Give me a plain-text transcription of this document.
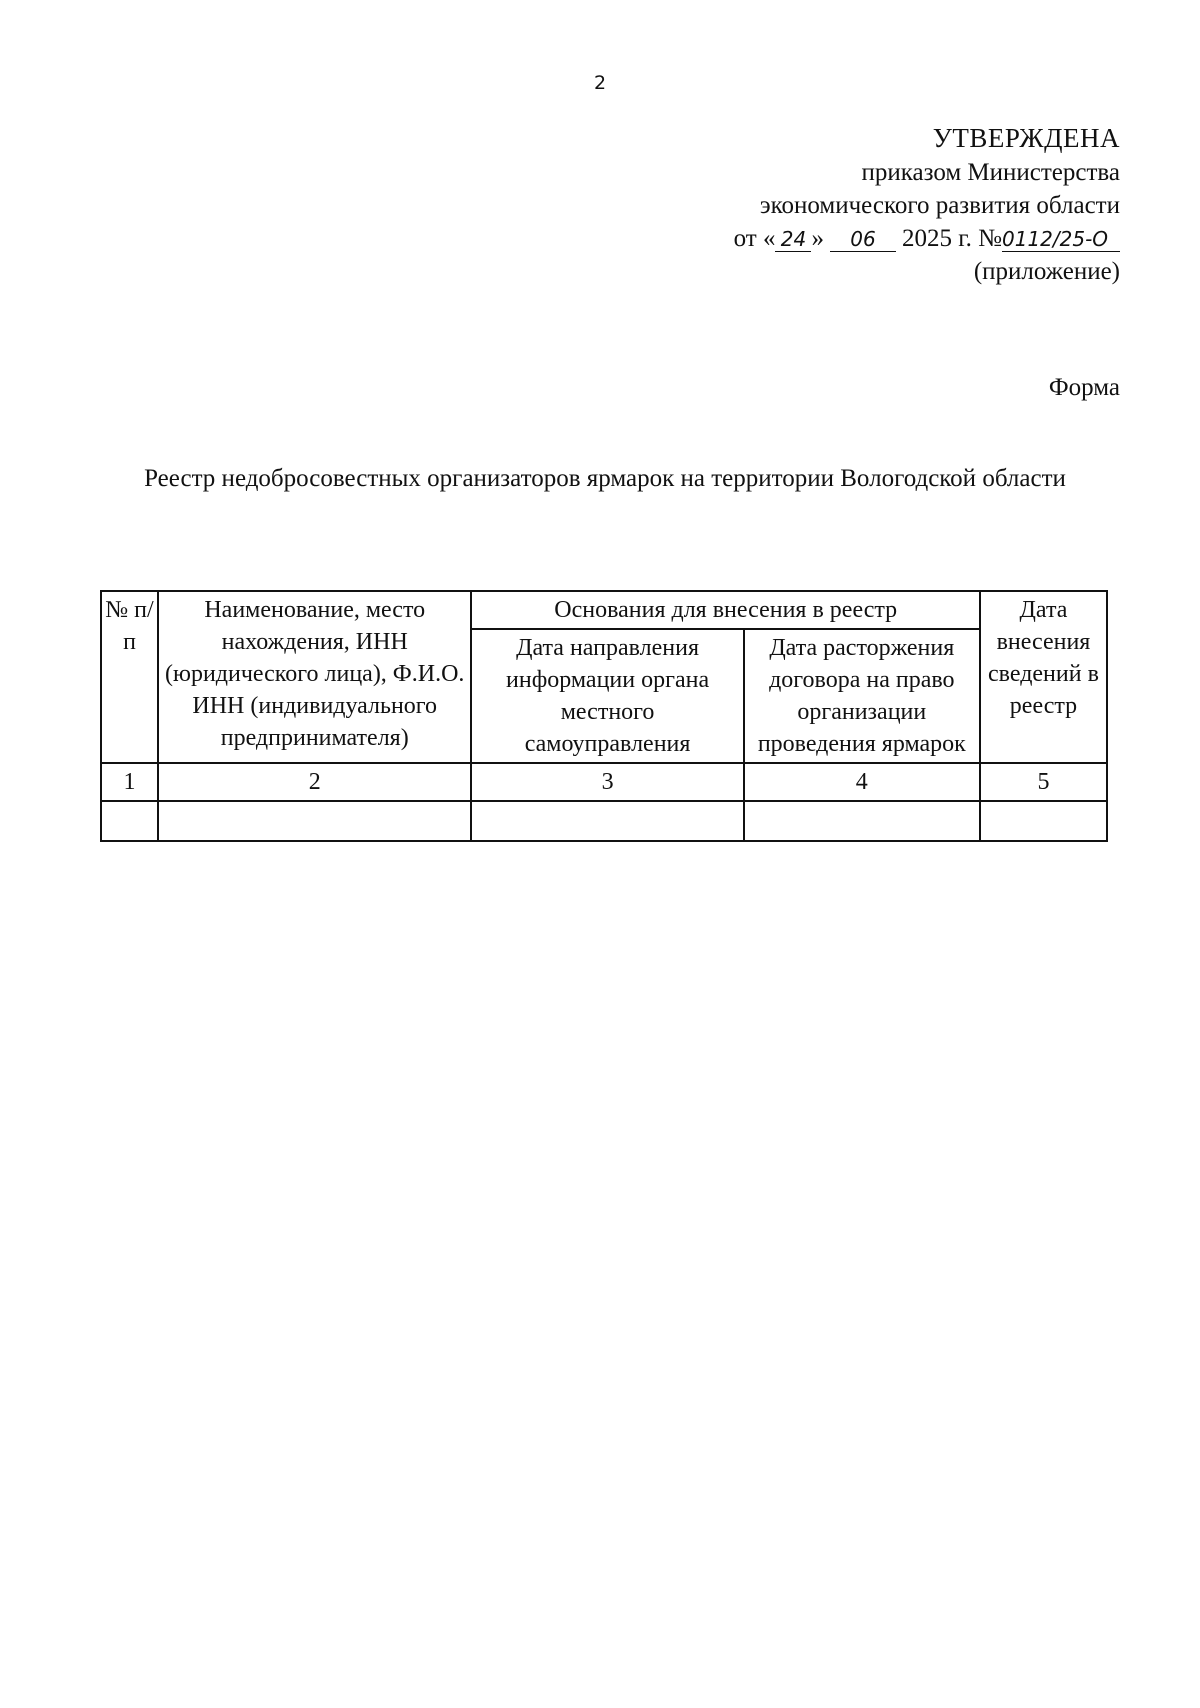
2
УТВЕРЖДЕНА
приказом Министерства
экономического развития области
от « 24 » 06 2025 г. №0112/25-О
(приложение)
Форма
Реестр недобросовестных организаторов ярмарок на территории Вологодской области
№ п/п	Наименование, место нахождения, ИНН (юридического лица), Ф.И.О. ИНН (индивидуального предпринимателя)	Основания для внесения в реестр		Дата внесения сведений в реестр
		Дата направления информации органа местного самоуправления	Дата расторжения договора на право организации проведения ярмарок	
1	2	3	4	5
